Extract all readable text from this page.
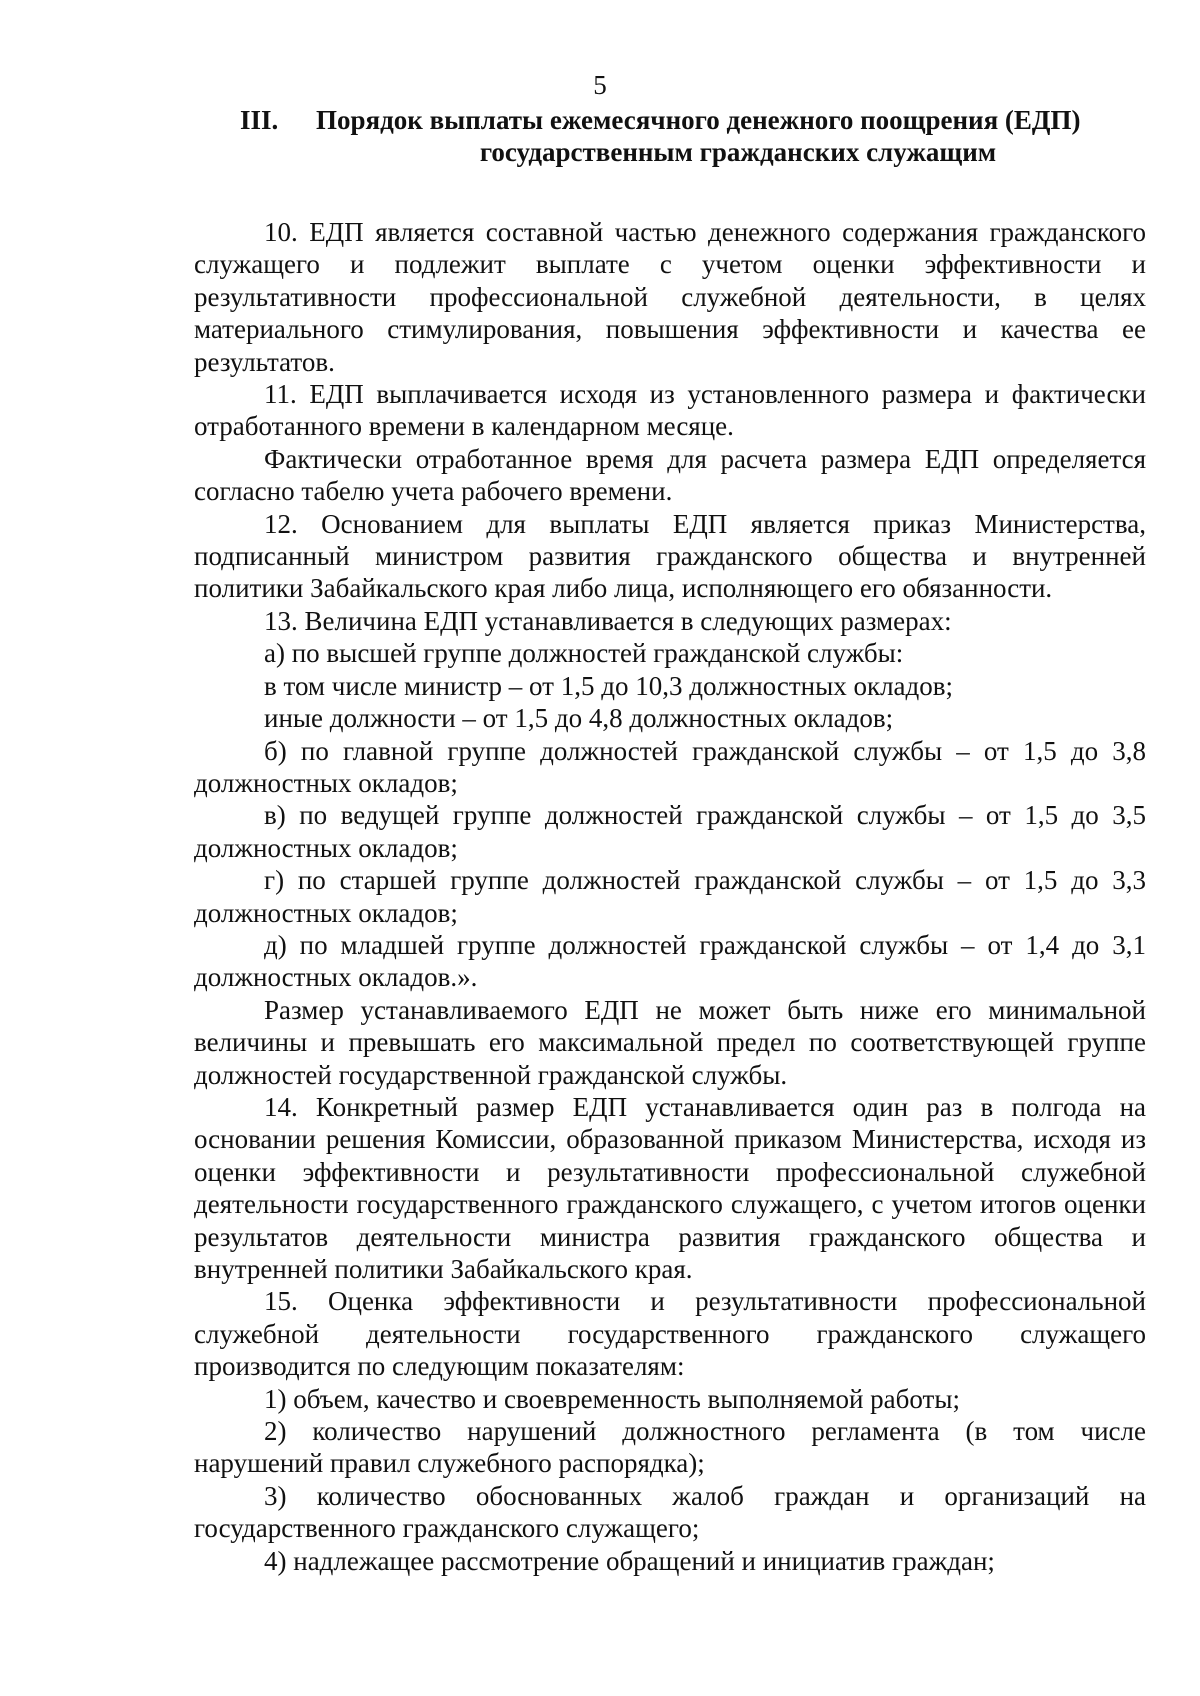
5
III.	Порядок выплаты ежемесячного денежного поощрения (ЕДП)
государственным гражданских служащим

10. ЕДП является составной частью денежного содержания гражданского служащего и подлежит выплате с учетом оценки эффективности и результативности профессиональной служебной деятельности, в целях материального стимулирования, повышения эффективности и качества ее результатов.

11. ЕДП выплачивается исходя из установленного размера и фактически отработанного времени в календарном месяце.

Фактически отработанное время для расчета размера ЕДП определяется согласно табелю учета рабочего времени.

12. Основанием для выплаты ЕДП является приказ Министерства, подписанный министром развития гражданского общества и внутренней политики Забайкальского края либо лица, исполняющего его обязанности.

13. Величина ЕДП устанавливается в следующих размерах:

а) по высшей группе должностей гражданской службы:

в том числе министр – от 1,5 до 10,3 должностных окладов;

иные должности – от 1,5 до 4,8 должностных окладов;

б) по главной группе должностей гражданской службы – от 1,5 до 3,8 должностных окладов;

в) по ведущей группе должностей гражданской службы – от 1,5 до 3,5 должностных окладов;

г) по старшей группе должностей гражданской службы – от 1,5 до 3,3 должностных окладов;

д) по младшей группе должностей гражданской службы – от 1,4 до 3,1 должностных окладов.».

Размер устанавливаемого ЕДП не может быть ниже его минимальной величины и превышать его максимальной предел по соответствующей группе должностей государственной гражданской службы.

14. Конкретный размер ЕДП устанавливается один раз в полгода на основании решения Комиссии, образованной приказом Министерства, исходя из оценки эффективности и результативности профессиональной служебной деятельности государственного гражданского служащего, с учетом итогов оценки результатов деятельности министра развития гражданского общества и внутренней политики Забайкальского края.

15. Оценка эффективности и результативности профессиональной служебной деятельности государственного гражданского служащего производится по следующим показателям:

1) объем, качество и своевременность выполняемой работы;

2) количество нарушений должностного регламента (в том числе нарушений правил служебного распорядка);

3) количество обоснованных жалоб граждан и организаций на государственного гражданского служащего;

4) надлежащее рассмотрение обращений и инициатив граждан;
